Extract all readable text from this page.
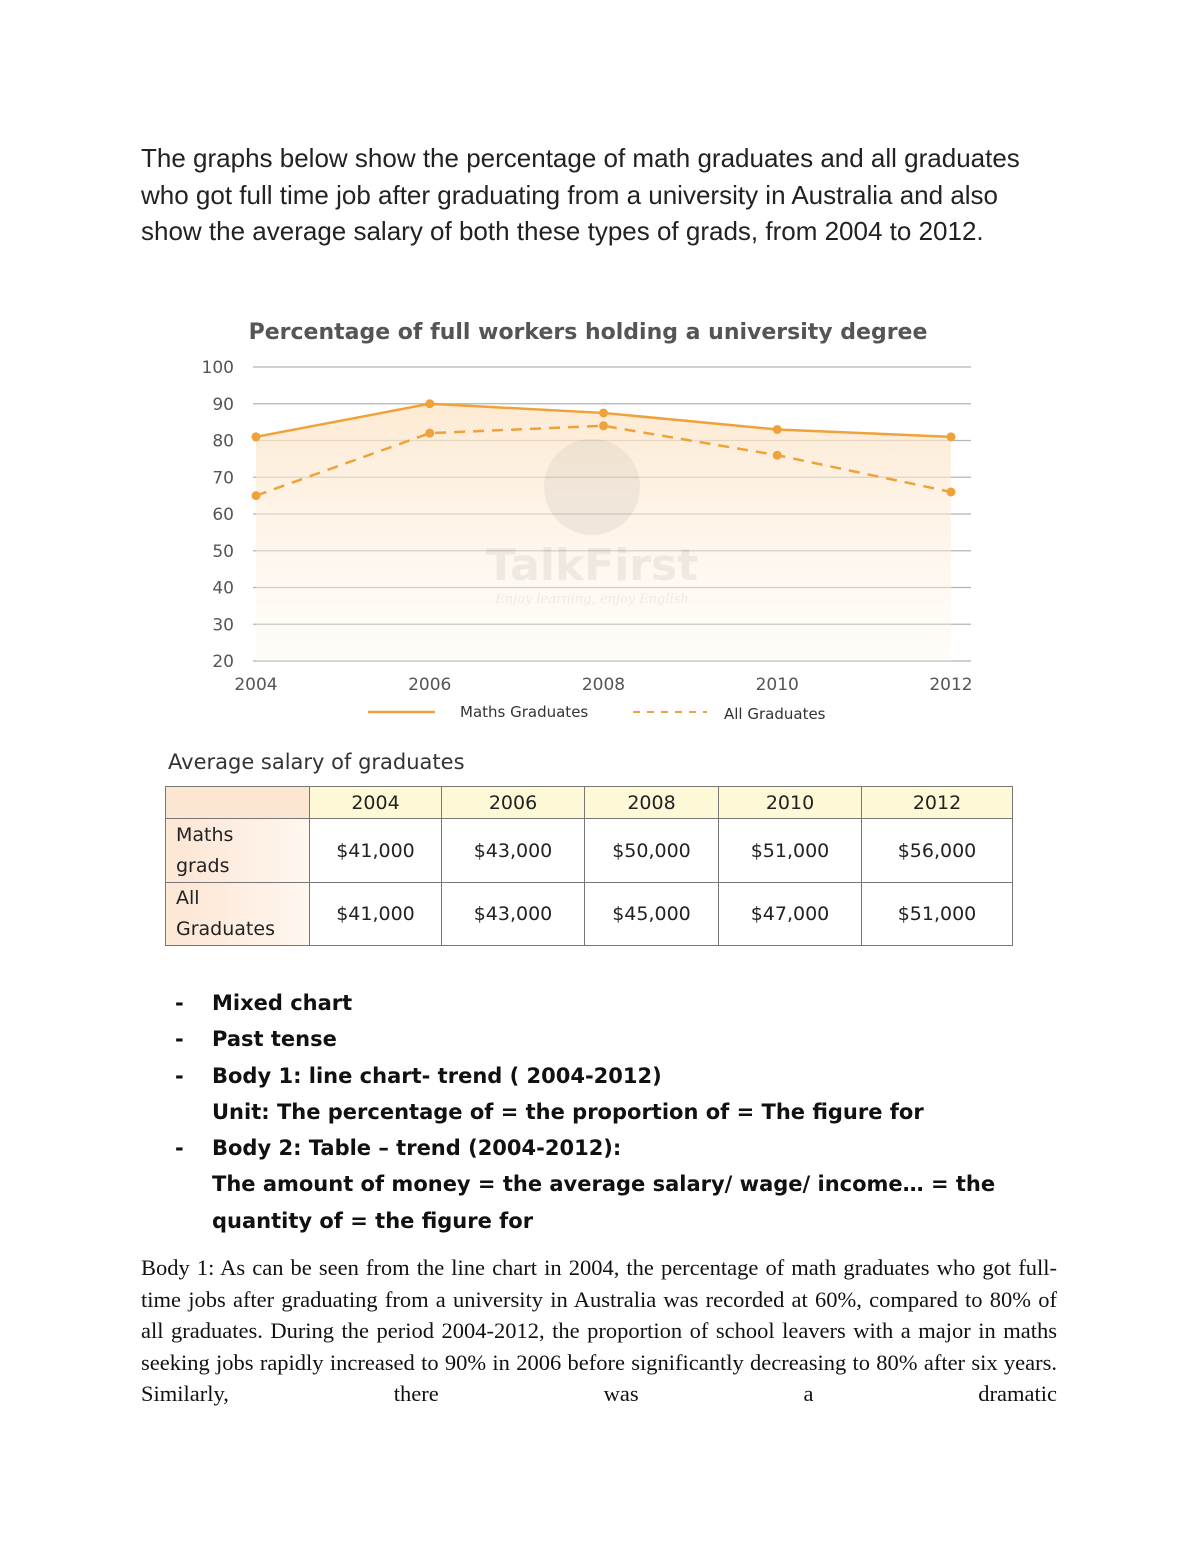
The graphs below show the percentage of math graduates and all graduates who got full time job after graduating from a university in Australia and also show the average salary of both these types of grads, from 2004 to 2012.

Percentage of full workers holding a university degree
TalkFirst
Enjoy learning, enjoy English
20
30
40
50
60
70
80
90
100
2004	2006	2008	2010	2012
Maths Graduates	All Graduates
Average salary of graduates
	2004	2006	2008	2010	2012

Maths grads	$41,000	$43,000	$50,000	$51,000	$56,000

All Graduates	$41,000	$43,000	$45,000	$47,000	$51,000
- Mixed chart
- Past tense
- Body 1: line chart- trend ( 2004-2012)
Unit: The percentage of = the proportion of = The figure for
- Body 2: Table – trend (2004-2012):
The amount of money = the average salary/ wage/ income… = the quantity of = the figure for

Body 1: As can be seen from the line chart in 2004, the percentage of math graduates who got full-time jobs after graduating from a university in Australia was recorded at 60%, compared to 80% of all graduates. During the period 2004-2012, the proportion of school leavers with a major in maths seeking jobs rapidly increased to 90% in 2006 before significantly decreasing to 80% after six years. Similarly, there was a dramatic
